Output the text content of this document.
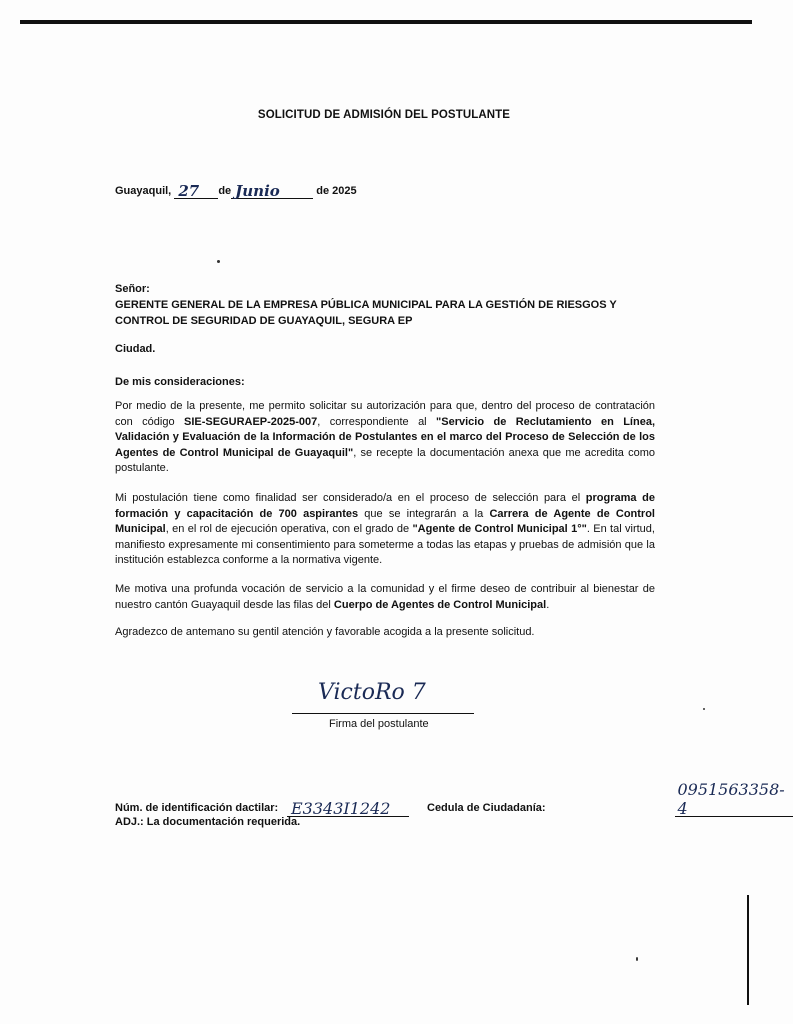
SOLICITUD DE ADMISIÓN DEL POSTULANTE
Guayaquil, 27 de Junio	de 2025
Señor:
GERENTE GENERAL DE LA EMPRESA PÚBLICA MUNICIPAL PARA LA GESTIÓN DE RIESGOS Y
CONTROL DE SEGURIDAD DE GUAYAQUIL, SEGURA EP
Ciudad.
De mis consideraciones:
Por medio de la presente, me permito solicitar su autorización para que, dentro del proceso de contratación con código SIE-SEGURAEP-2025-007, correspondiente al "Servicio de Reclutamiento en Línea, Validación y Evaluación de la Información de Postulantes en el marco del Proceso de Selección de los Agentes de Control Municipal de Guayaquil", se recepte la documentación anexa que me acredita como postulante.
Mi postulación tiene como finalidad ser considerado/a en el proceso de selección para el programa de formación y capacitación de 700 aspirantes que se integrarán a la Carrera de Agente de Control Municipal, en el rol de ejecución operativa, con el grado de "Agente de Control Municipal 1°". En tal virtud, manifiesto expresamente mi consentimiento para someterme a todas las etapas y pruebas de admisión que la institución establezca conforme a la normativa vigente.
Me motiva una profunda vocación de servicio a la comunidad y el firme deseo de contribuir al bienestar de nuestro cantón Guayaquil desde las filas del Cuerpo de Agentes de Control Municipal.
Agradezco de antemano su gentil atención y favorable acogida a la presente solicitud.
VictoRo 7
Firma del postulante
Núm. de identificación dactilar: E3343I1242
	Cedula de Ciudadanía:
0951563358-4
ADJ.: La documentación requerida.
